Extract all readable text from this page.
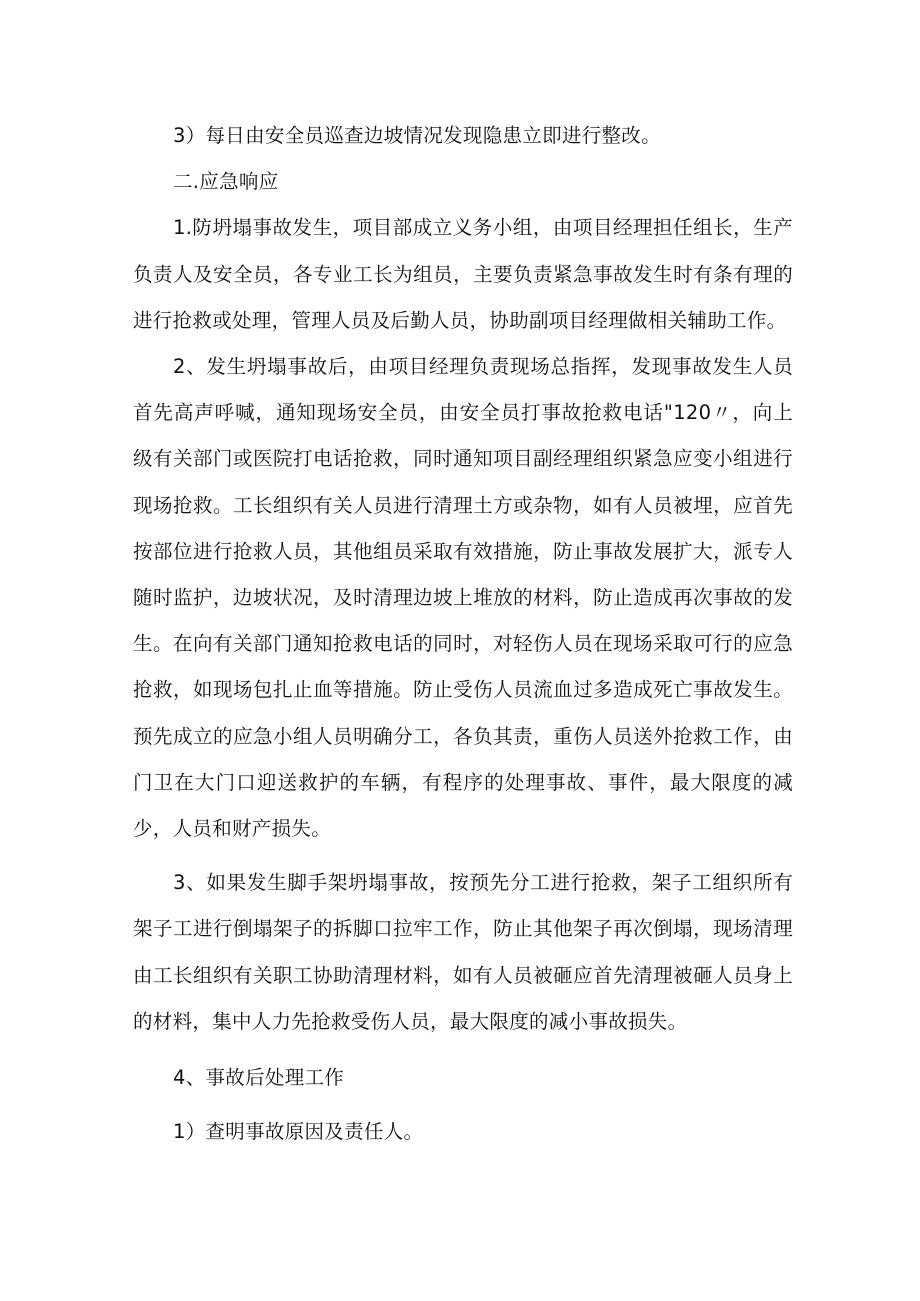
3）每日由安全员巡查边坡情况发现隐患立即进行整改。

二.应急响应

1.防坍塌事故发生，项目部成立义务小组，由项目经理担任组长，生产负责人及安全员，各专业工长为组员，主要负责紧急事故发生时有条有理的进行抢救或处理，管理人员及后勤人员，协助副项目经理做相关辅助工作。

2、发生坍塌事故后，由项目经理负责现场总指挥，发现事故发生人员首先高声呼喊，通知现场安全员，由安全员打事故抢救电话"120〃，向上级有关部门或医院打电话抢救，同时通知项目副经理组织紧急应变小组进行现场抢救。工长组织有关人员进行清理土方或杂物，如有人员被埋，应首先按部位进行抢救人员，其他组员采取有效措施，防止事故发展扩大，派专人随时监护，边坡状况，及时清理边坡上堆放的材料，防止造成再次事故的发生。在向有关部门通知抢救电话的同时，对轻伤人员在现场采取可行的应急抢救，如现场包扎止血等措施。防止受伤人员流血过多造成死亡事故发生。预先成立的应急小组人员明确分工，各负其责，重伤人员送外抢救工作，由门卫在大门口迎送救护的车辆，有程序的处理事故、事件，最大限度的减少，人员和财产损失。

3、如果发生脚手架坍塌事故，按预先分工进行抢救，架子工组织所有架子工进行倒塌架子的拆脚口拉牢工作，防止其他架子再次倒塌，现场清理由工长组织有关职工协助清理材料，如有人员被砸应首先清理被砸人员身上的材料，集中人力先抢救受伤人员，最大限度的减小事故损失。

4、事故后处理工作

1）查明事故原因及责任人。
